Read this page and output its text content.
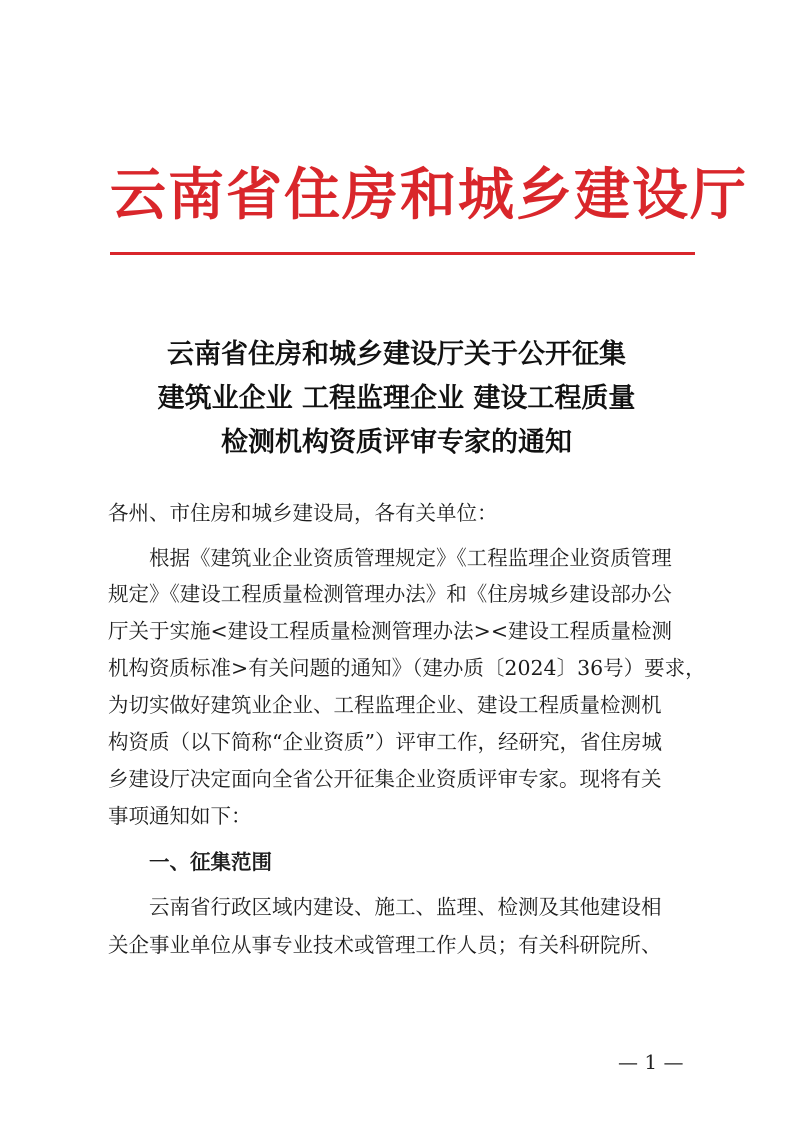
云南省住房和城乡建设厅
云南省住房和城乡建设厅关于公开征集
建筑业企业 工程监理企业 建设工程质量
检测机构资质评审专家的通知
各州、市住房和城乡建设局，各有关单位：
　　根据《建筑业企业资质管理规定》《工程监理企业资质管理
规定》《建设工程质量检测管理办法》和《住房城乡建设部办公
厅关于实施<建设工程质量检测管理办法><建设工程质量检测
机构资质标准>有关问题的通知》（建办质〔2024〕36号）要求，
为切实做好建筑业企业、工程监理企业、建设工程质量检测机
构资质（以下简称“企业资质”）评审工作，经研究，省住房城
乡建设厅决定面向全省公开征集企业资质评审专家。现将有关
事项通知如下：
　　一、征集范围
　　云南省行政区域内建设、施工、监理、检测及其他建设相
关企事业单位从事专业技术或管理工作人员；有关科研院所、
— 1 —
